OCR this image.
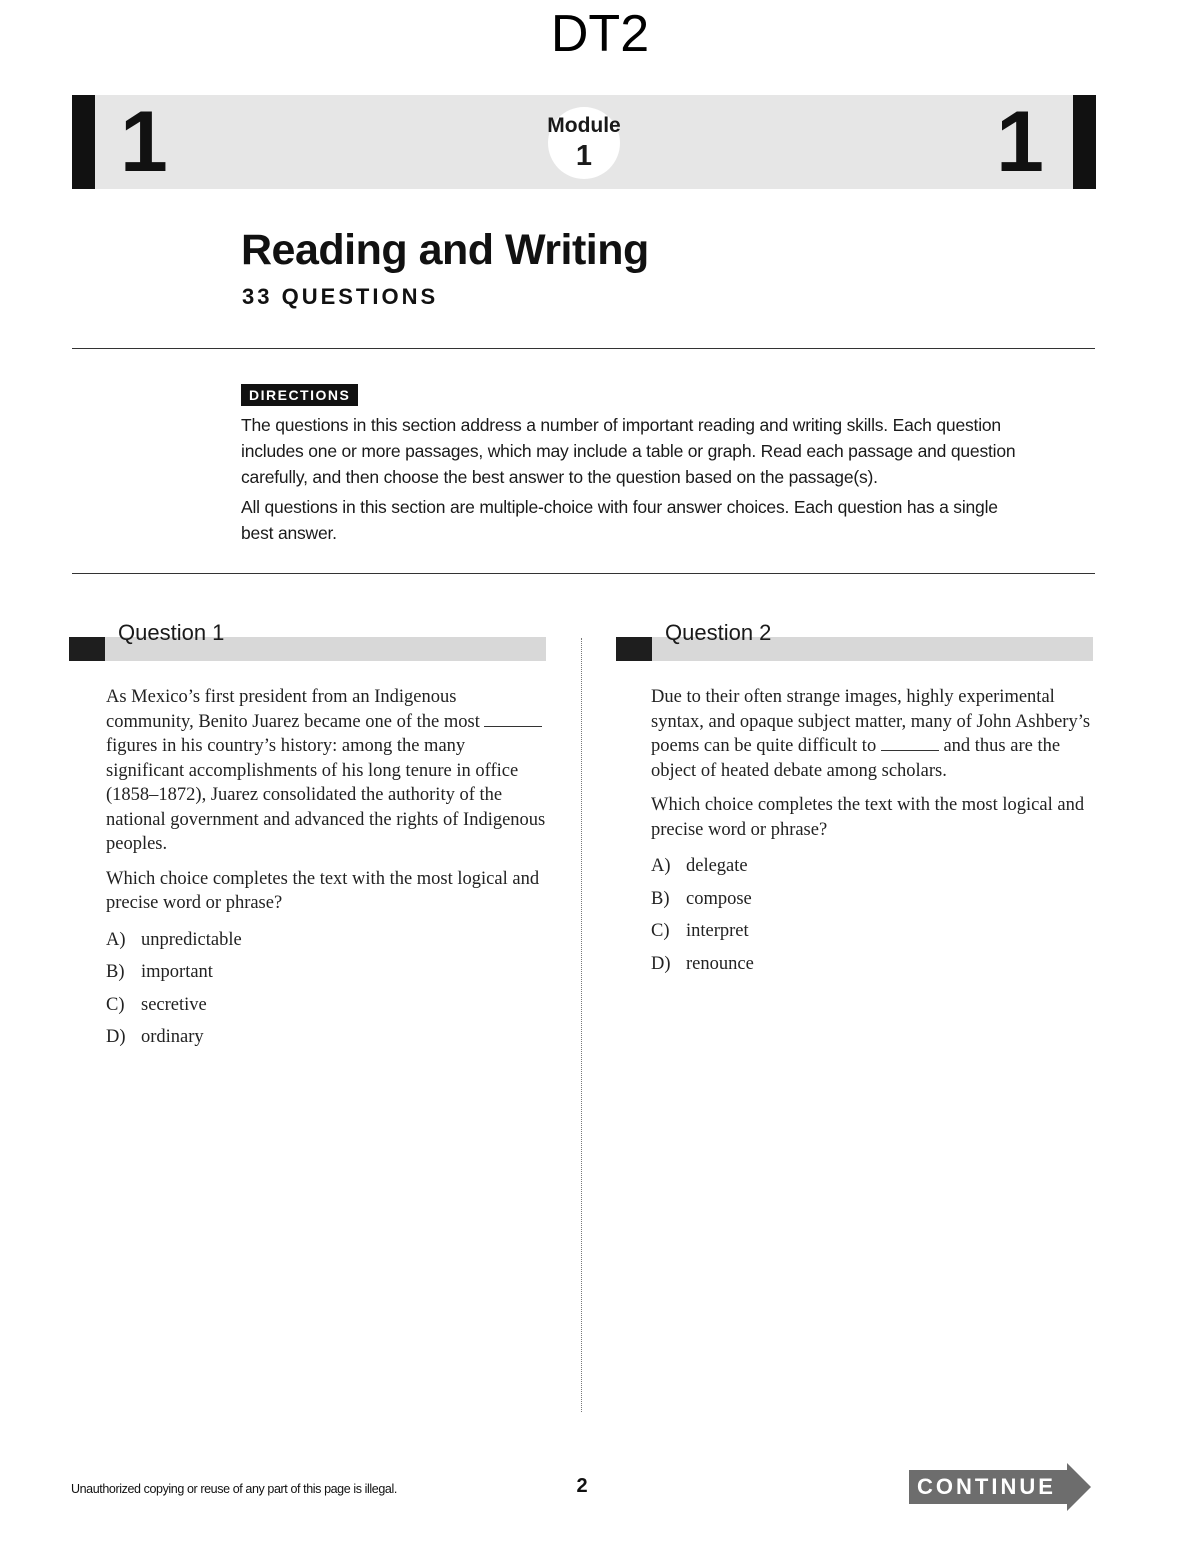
DT2
1	Module
1	1
Reading and Writing
33 QUESTIONS
DIRECTIONS
The questions in this section address a number of important reading and writing skills. Each question includes one or more passages, which may include a table or graph. Read each passage and question carefully, and then choose the best answer to the question based on the passage(s).
All questions in this section are multiple-choice with four answer choices. Each question has a single best answer.
Question 1	Question 2

As Mexico’s first president from an Indigenous community, Benito Juarez became one of the most  figures in his country’s history: among the many significant accomplishments of his long tenure in office (1858–1872), Juarez consolidated the authority of the national government and advanced the rights of Indigenous peoples.

Which choice completes the text with the most logical and precise word or phrase?

A) unpredictable
B) important
C) secretive
D) ordinary

Due to their often strange images, highly experimental syntax, and opaque subject matter, many of John Ashbery’s poems can be quite difficult to	and thus are the object of heated debate among scholars.

Which choice completes the text with the most logical and precise word or phrase?

A) delegate
B) compose
C) interpret
D) renounce
Unauthorized copying or reuse of any part of this page is illegal.	2	CONTINUE
